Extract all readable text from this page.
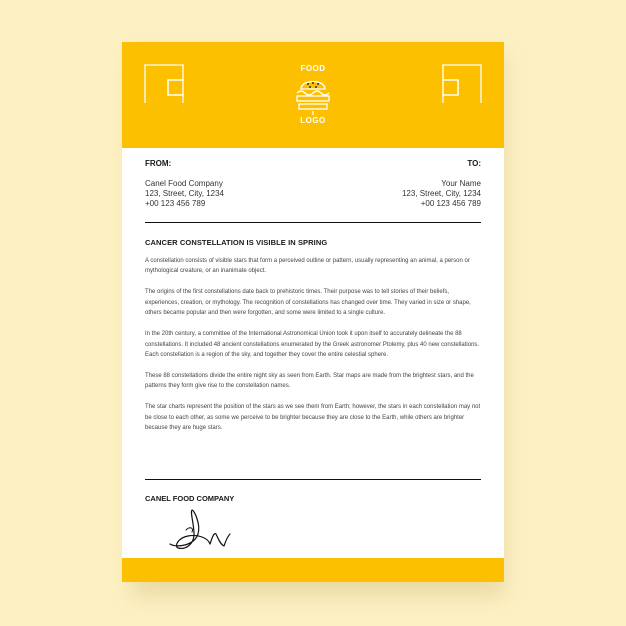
FOOD
LOGO
FROM:	TO:
Canel Food Company
123, Street, City, 1234
+00 123 456 789
Your Name
123, Street, City, 1234
+00 123 456 789
CANCER CONSTELLATION IS VISIBLE IN SPRING

A constellation consists of visible stars that form a perceived outline or pattern, usually representing an animal, a person or mythological creature, or an inanimate object.

The origins of the first constellations date back to prehistoric times. Their purpose was to tell stories of their beliefs, experiences, creation, or mythology. The recognition of constellations has changed over time. They varied in size or shape, others became popular and then were forgotten, and some were limited to a single culture.

In the 20th century, a committee of the International Astronomical Union took it upon itself to accurately delineate the 88 constellations. It included 48 ancient constellations enumerated by the Greek astronomer Ptolemy, plus 40 new constellations. Each constellation is a region of the sky, and together they cover the entire celestial sphere.

These 88 constellations divide the entire night sky as seen from Earth. Star maps are made from the brightest stars, and the patterns they form give rise to the constellation names.

The star charts represent the position of the stars as we see them from Earth; however, the stars in each constellation may not be close to each other, as some we perceive to be brighter because they are close to the Earth, while others are brighter because they are huge stars.

CANEL FOOD COMPANY
